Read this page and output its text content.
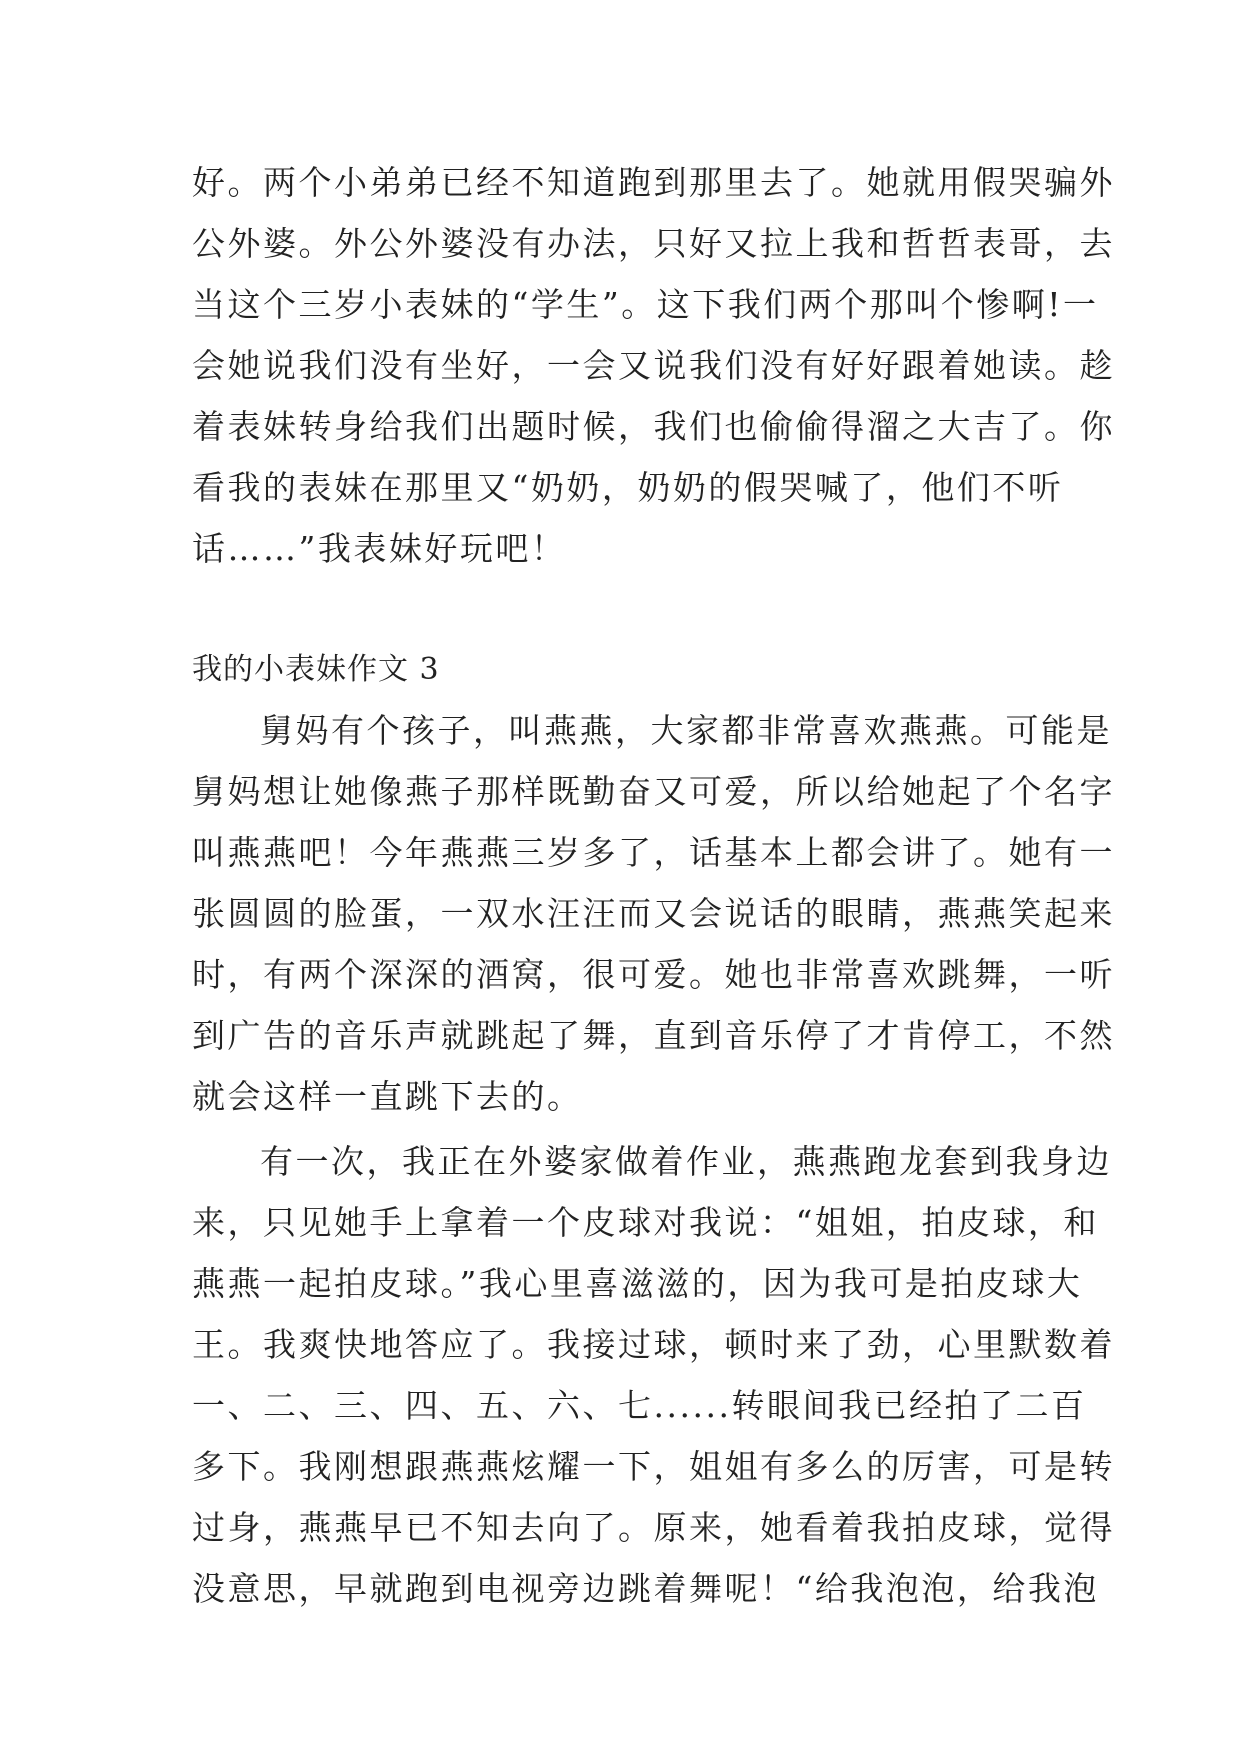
好。两个小弟弟已经不知道跑到那里去了。她就用假哭骗外
公外婆。外公外婆没有办法，只好又拉上我和哲哲表哥，去
当这个三岁小表妹的“学生”。这下我们两个那叫个惨啊!一
会她说我们没有坐好，一会又说我们没有好好跟着她读。趁
着表妹转身给我们出题时候，我们也偷偷得溜之大吉了。你
看我的表妹在那里又“奶奶，奶奶的假哭喊了，他们不听
话……”我表妹好玩吧！
我的小表妹作文 3
舅妈有个孩子，叫燕燕，大家都非常喜欢燕燕。可能是
舅妈想让她像燕子那样既勤奋又可爱，所以给她起了个名字
叫燕燕吧！今年燕燕三岁多了，话基本上都会讲了。她有一
张圆圆的脸蛋，一双水汪汪而又会说话的眼睛，燕燕笑起来
时，有两个深深的酒窝，很可爱。她也非常喜欢跳舞，一听
到广告的音乐声就跳起了舞，直到音乐停了才肯停工，不然
就会这样一直跳下去的。
有一次，我正在外婆家做着作业，燕燕跑龙套到我身边
来，只见她手上拿着一个皮球对我说：“姐姐，拍皮球，和
燕燕一起拍皮球。”我心里喜滋滋的，因为我可是拍皮球大
王。我爽快地答应了。我接过球，顿时来了劲，心里默数着
一、二、三、四、五、六、七......转眼间我已经拍了二百
多下。我刚想跟燕燕炫耀一下，姐姐有多么的厉害，可是转
过身，燕燕早已不知去向了。原来，她看着我拍皮球，觉得
没意思，早就跑到电视旁边跳着舞呢！“给我泡泡，给我泡
